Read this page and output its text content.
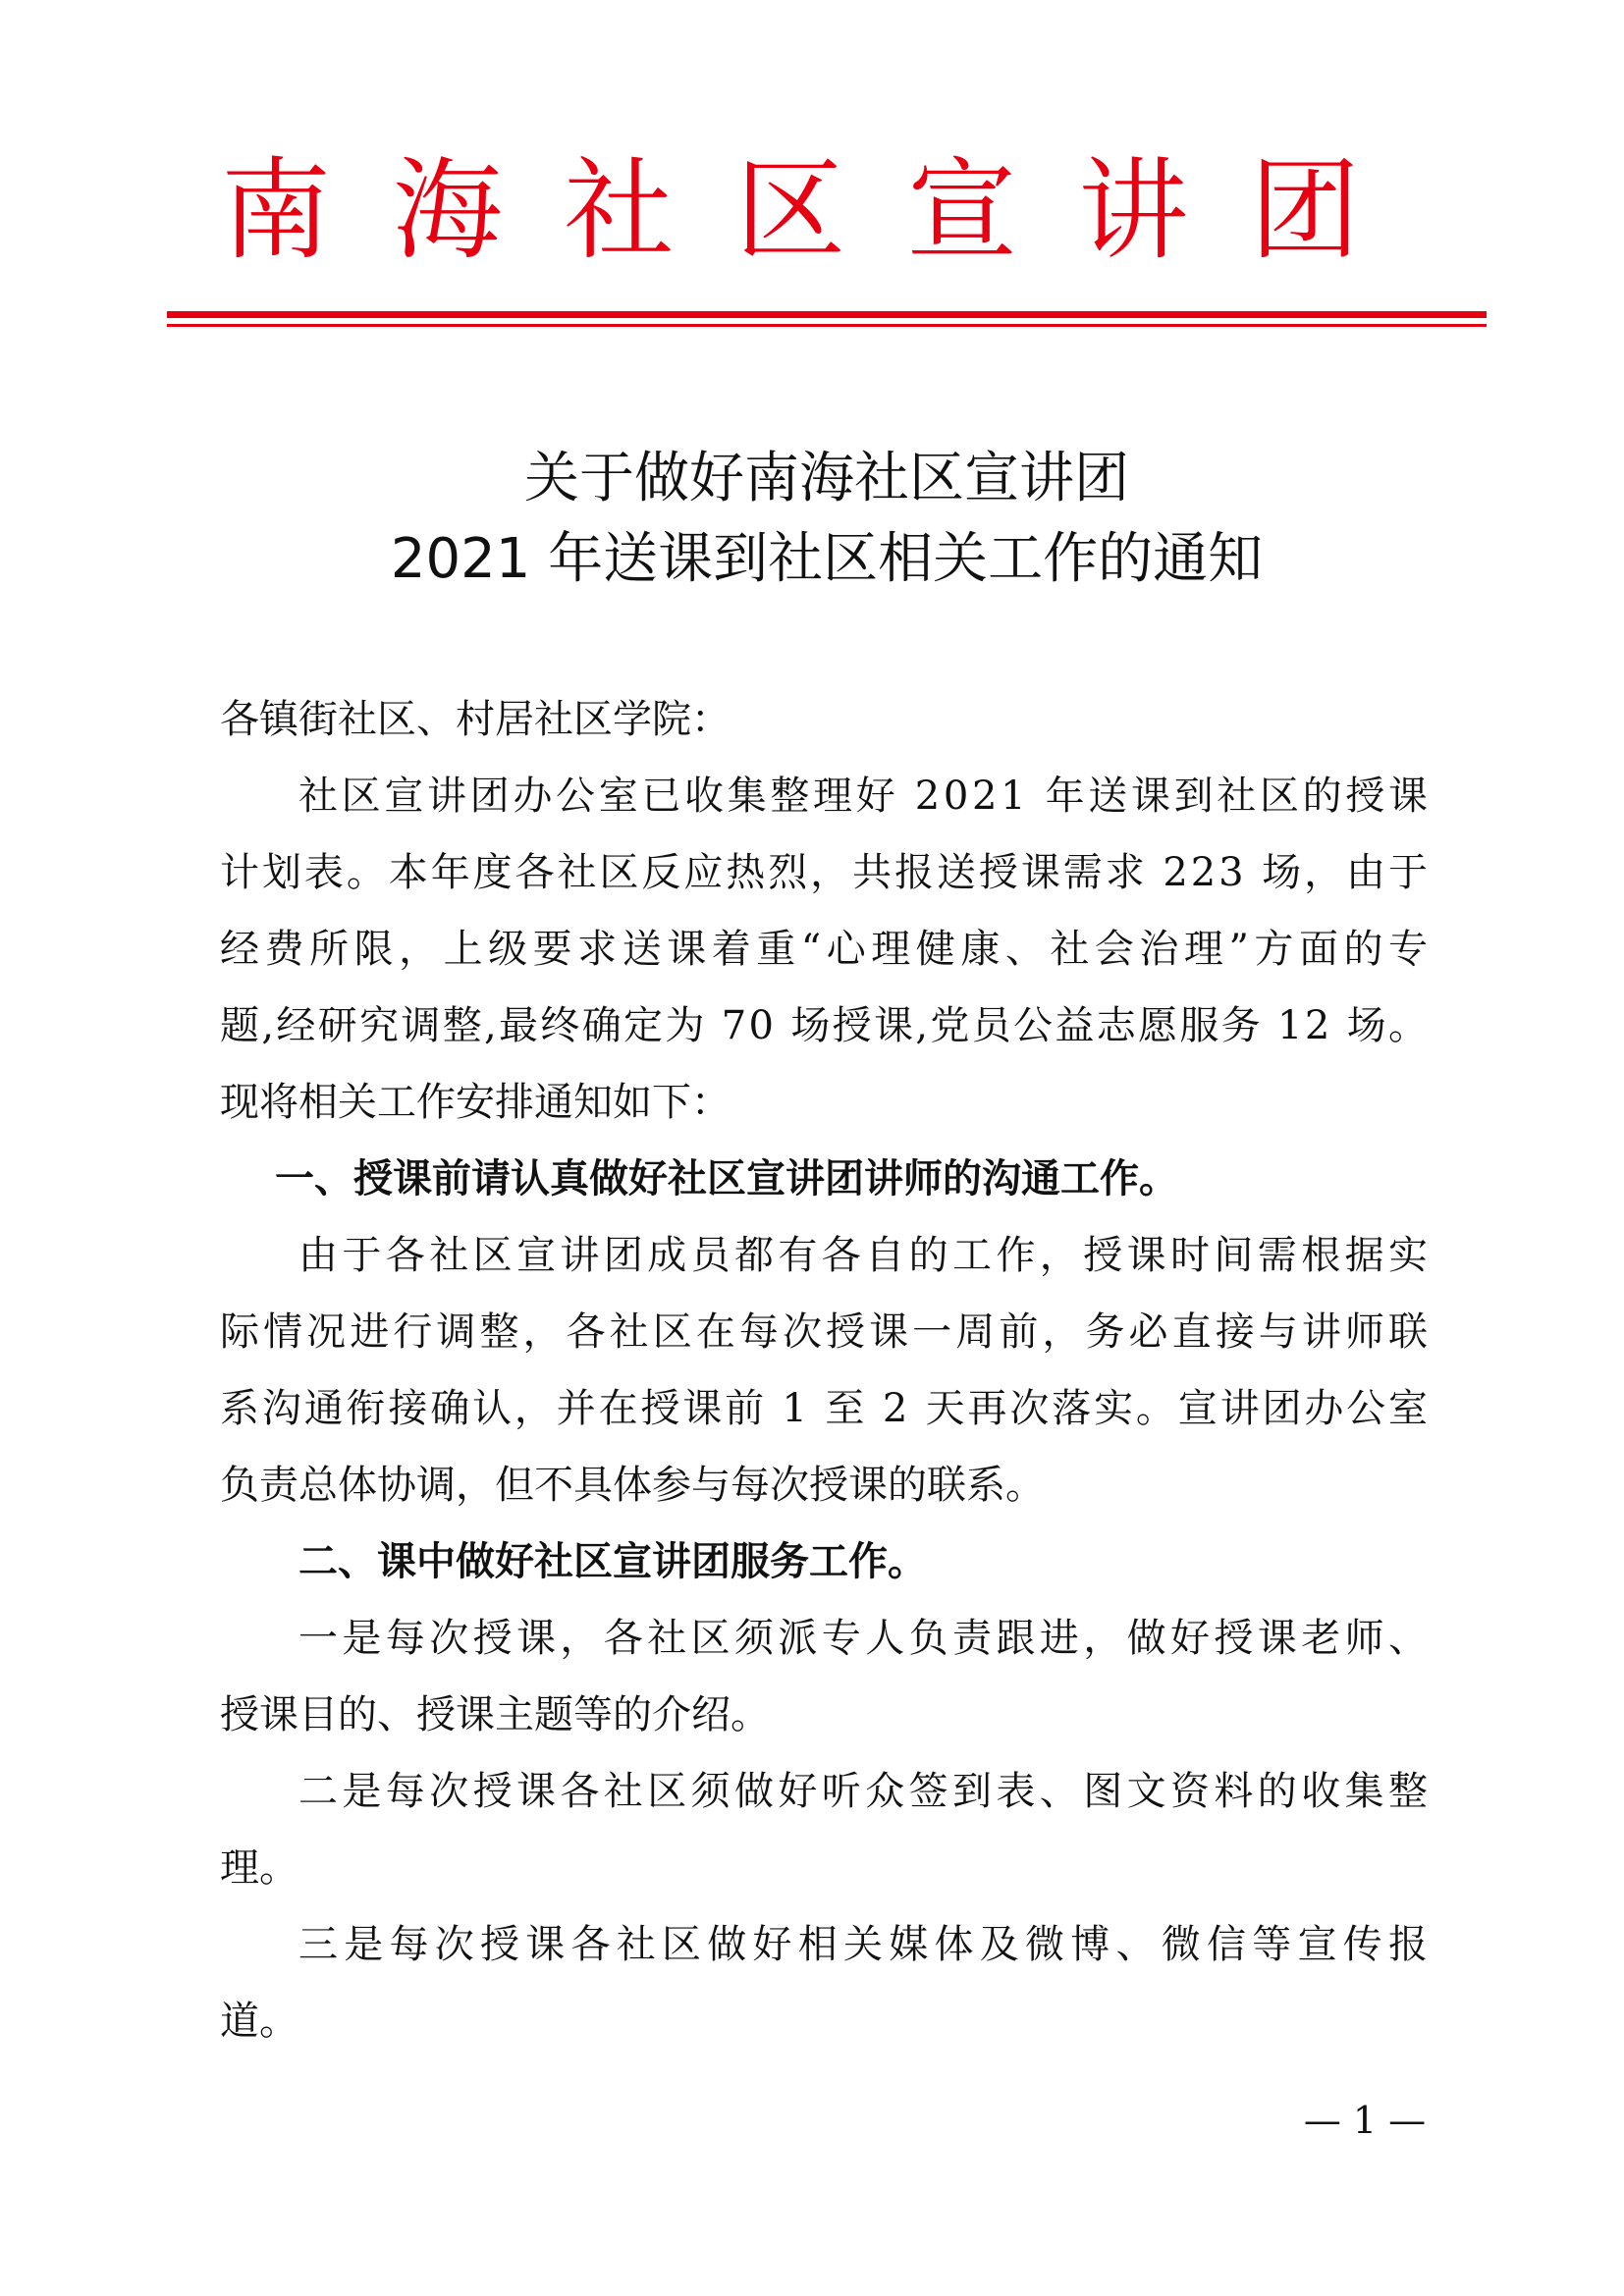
南 海 社 区 宣 讲 团
关于做好南海社区宣讲团
2021 年送课到社区相关工作的通知
各镇街社区、村居社区学院：
社区宣讲团办公室已收集整理好 2021 年送课到社区的授课
计划表。本年度各社区反应热烈，共报送授课需求 223 场，由于
经费所限，上级要求送课着重“心理健康、社会治理”方面的专
题,经研究调整,最终确定为 70 场授课,党员公益志愿服务 12 场。
现将相关工作安排通知如下：
一、授课前请认真做好社区宣讲团讲师的沟通工作。
由于各社区宣讲团成员都有各自的工作，授课时间需根据实
际情况进行调整，各社区在每次授课一周前，务必直接与讲师联
系沟通衔接确认，并在授课前 1 至 2 天再次落实。宣讲团办公室
负责总体协调，但不具体参与每次授课的联系。
二、课中做好社区宣讲团服务工作。
一是每次授课，各社区须派专人负责跟进，做好授课老师、
授课目的、授课主题等的介绍。
二是每次授课各社区须做好听众签到表、图文资料的收集整
理。
三是每次授课各社区做好相关媒体及微博、微信等宣传报
道。
— 1 —
